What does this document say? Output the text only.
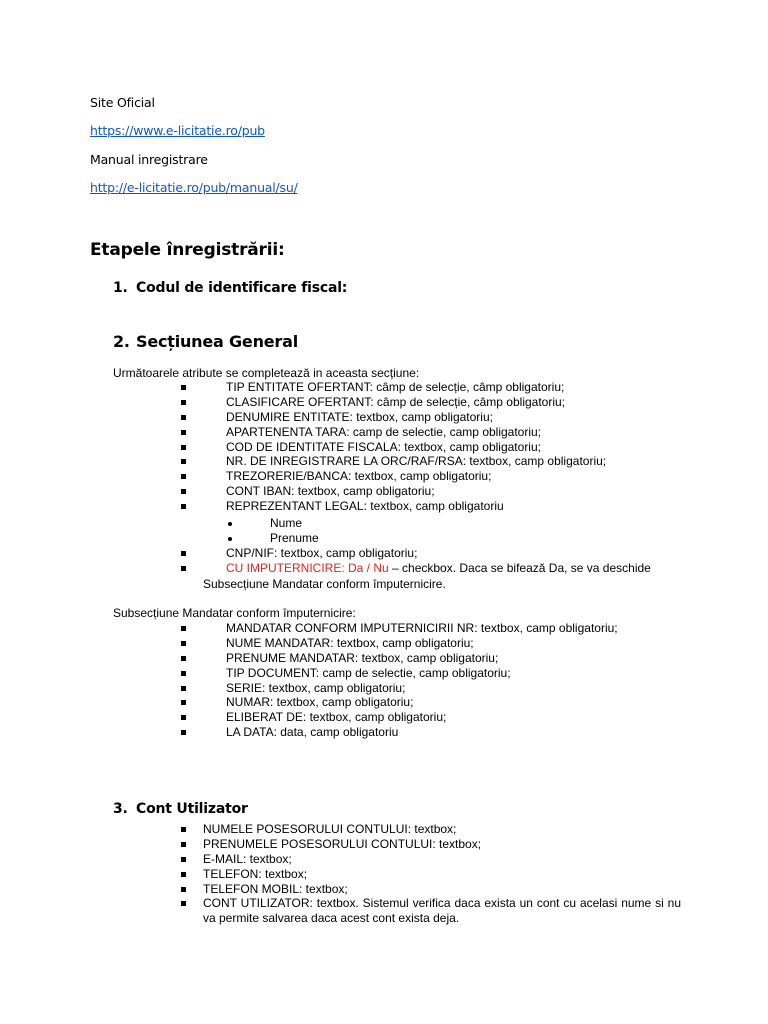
Site Oficial
https://www.e-licitatie.ro/pub
Manual inregistrare
http://e-licitatie.ro/pub/manual/su/
Etapele înregistrării:
1. Codul de identificare fiscal:
2. Secțiunea General
Următoarele atribute se completează in aceasta secțiune:
TIP ENTITATE OFERTANT: câmp de selecție, câmp obligatoriu;
CLASIFICARE OFERTANT: câmp de selecție, câmp obligatoriu;
DENUMIRE ENTITATE: textbox, camp obligatoriu;
APARTENENTA TARA: camp de selectie, camp obligatoriu;
COD DE IDENTITATE FISCALA: textbox, camp obligatoriu;
NR. DE INREGISTRARE LA ORC/RAF/RSA: textbox, camp obligatoriu;
TREZORERIE/BANCA: textbox, camp obligatoriu;
CONT IBAN: textbox, camp obligatoriu;
REPREZENTANT LEGAL: textbox, camp obligatoriu
Nume
Prenume
CNP/NIF: textbox, camp obligatoriu;
CU IMPUTERNICIRE: Da / Nu – checkbox. Daca se bifează Da, se va deschide
Subsecțiune Mandatar conform împuternicire.
Subsecțiune Mandatar conform împuternicire:
MANDATAR CONFORM IMPUTERNICIRII NR: textbox, camp obligatoriu;
NUME MANDATAR: textbox, camp obligatoriu;
PRENUME MANDATAR: textbox, camp obligatoriu;
TIP DOCUMENT: camp de selectie, camp obligatoriu;
SERIE: textbox, camp obligatoriu;
NUMAR: textbox, camp obligatoriu;
ELIBERAT DE: textbox, camp obligatoriu;
LA DATA: data, camp obligatoriu
3. Cont Utilizator
NUMELE POSESORULUI CONTULUI: textbox;
PRENUMELE POSESORULUI CONTULUI: textbox;
E-MAIL: textbox;
TELEFON: textbox;
TELEFON MOBIL: textbox;
CONT UTILIZATOR: textbox. Sistemul verifica daca exista un cont cu acelasi nume si nu va permite salvarea daca acest cont exista deja.
